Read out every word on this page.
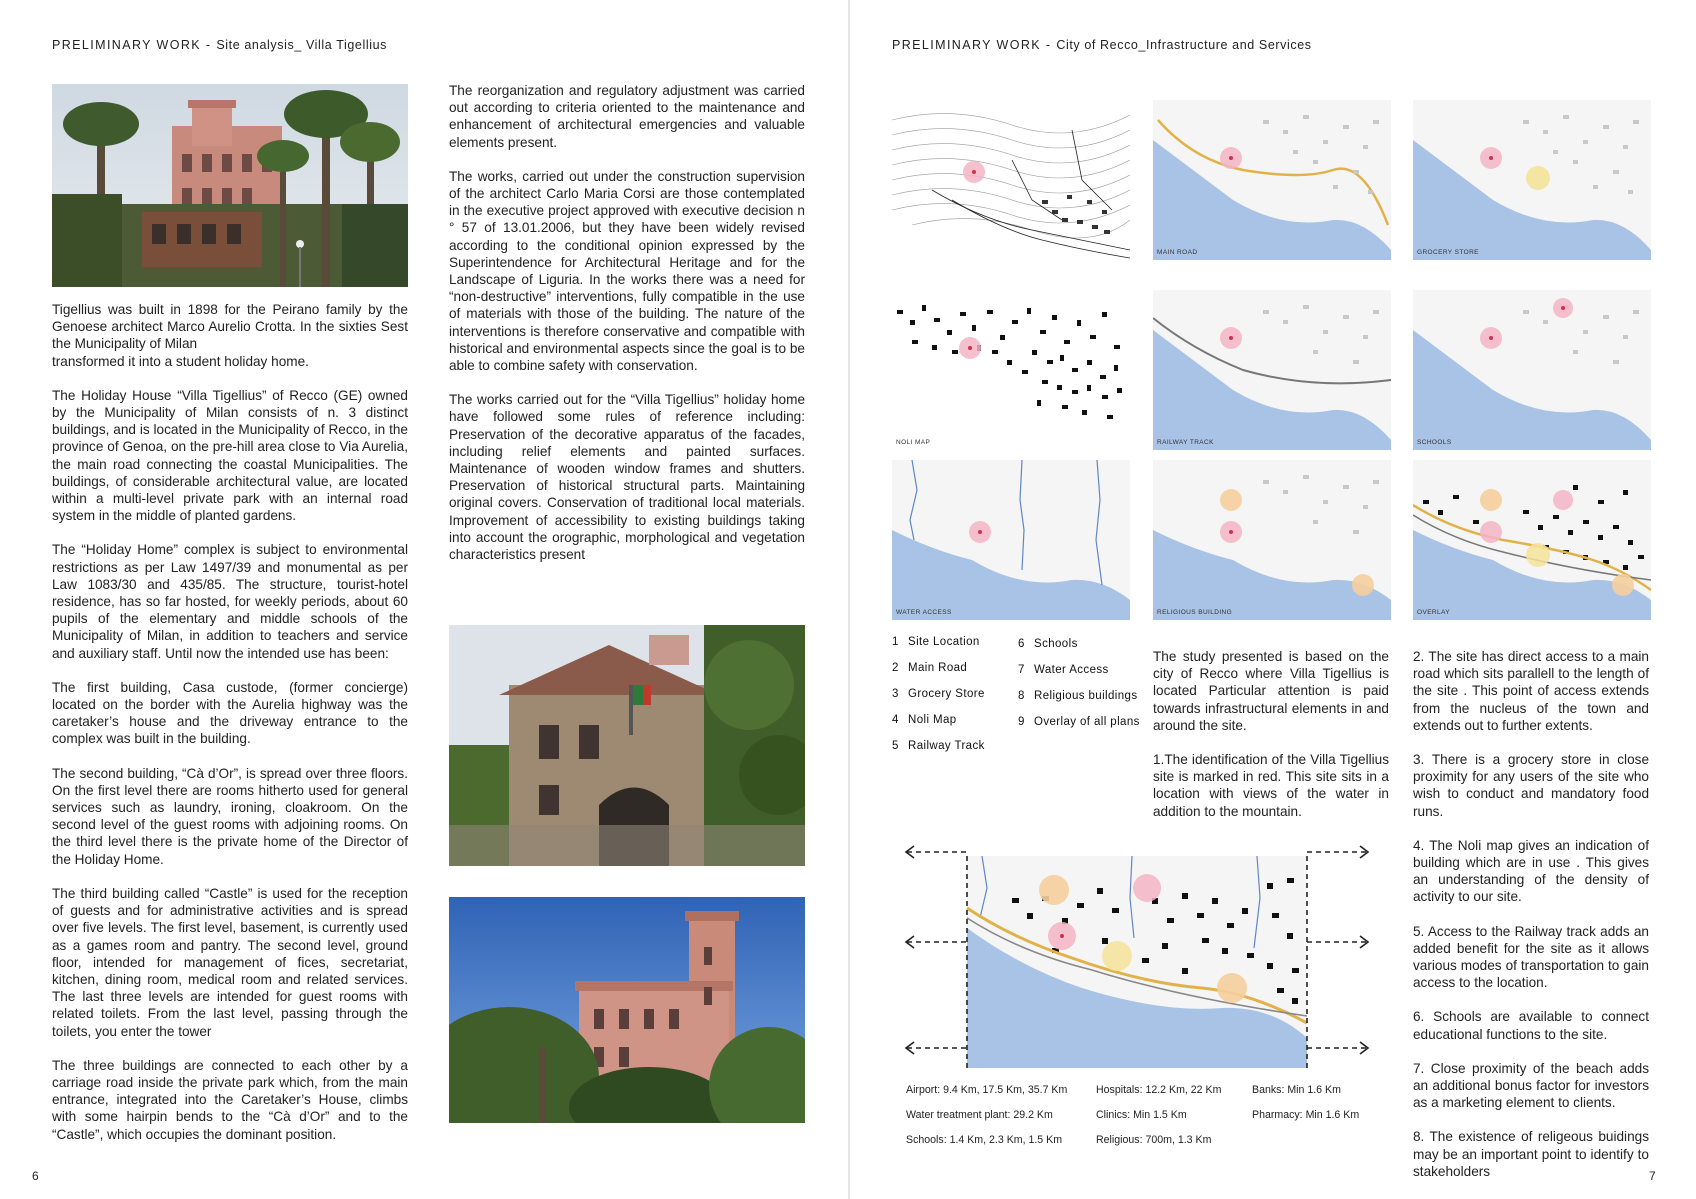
PRELIMINARY WORK - Site analysis_ Villa Tigellius

Tigellius was built in 1898 for the Peirano family by the Genoese architect Marco Aurelio Crotta. In the sixties Sest the Municipality of Milan

transformed it into a student holiday home.

The Holiday House “Villa Tigellius” of Recco (GE) owned by the Municipality of Milan consists of n. 3 distinct buildings, and is located in the Municipality of Recco, in the province of Genoa, on the pre-hill area close to Via Aurelia, the main road connecting the coastal Municipalities. The buildings, of considerable architectural value, are located within a multi-level private park with an internal road system in the middle of planted gardens.

The “Holiday Home” complex is subject to environmental restrictions as per Law 1497/39 and monumental as per Law 1083/30 and 435/85. The structure, tourist-hotel residence, has so far hosted, for weekly periods, about 60 pupils of the elementary and middle schools of the Municipality of Milan, in addition to teachers and service and auxiliary staff. Until now the intended use has been:

The first building, Casa custode, (former concierge) located on the border with the Aurelia highway was the caretaker’s house and the driveway entrance to the complex was built in the building.

The second building, “Cà d’Or”, is spread over three floors. On the first level there are rooms hitherto used for general services such as laundry, ironing, cloakroom. On the second level of the guest rooms with adjoining rooms. On the third level there is the private home of the Director of the Holiday Home.

The third building called “Castle” is used for the reception of guests and for administrative activities and is spread over five levels. The first level, basement, is currently used as a games room and pantry. The second level, ground floor, intended for management of fices, secretariat, kitchen, dining room, medical room and related services. The last three levels are intended for guest rooms with related toilets. From the last level, passing through the toilets, you enter the tower

The three buildings are connected to each other by a carriage road inside the private park which, from the main entrance, integrated into the Caretaker’s House, climbs with some hairpin bends to the “Cà d’Or” and to the “Castle”, which occupies the dominant position.

The reorganization and regulatory adjustment was carried out according to criteria oriented to the maintenance and enhancement of architectural emergencies and valuable elements present.

The works, carried out under the construction supervision of the architect Carlo Maria Corsi are those contemplated in the executive project approved with executive decision n ° 57 of 13.01.2006, but they have been widely revised according to the conditional opinion expressed by the Superintendence for Architectural Heritage and for the Landscape of Liguria. In the works there was a need for “non-destructive” interventions, fully compatible in the use of materials with those of the building. The nature of the interventions is therefore conservative and compatible with historical and environmental aspects since the goal is to be able to combine safety with conservation.

The works carried out for the “Villa Tigellius” holiday home have followed some rules of reference including: Preservation of the decorative apparatus of the facades, including relief elements and painted surfaces. Maintenance of wooden window frames and shutters. Preservation of historical structural parts. Maintaining original covers. Conservation of traditional local materials. Improvement of accessibility to existing buildings taking into account the orographic, morphological and vegetation characteristics present

6
PRELIMINARY WORK - City of Recco_Infrastructure and Services
MAIN ROAD	GROCERY STORE
NOLI MAP	RAILWAY TRACK	SCHOOLS
WATER ACCESS	RELIGIOUS BUILDING	OVERLAY
1 Site Location
2 Main Road
3 Grocery Store
4 Noli Map
5 Railway Track
6 Schools
7 Water Access
8 Religious buildings
9 Overlay of all plans

The study presented is based on the city of Recco where Villa Tigellius is located Particular attention is paid towards infrastructural elements in and around the site.

1.The identification of the Villa Tigellius site is marked in red. This site sits in a location with views of the water in addition to the mountain.

2. The site has direct access to a main road which sits parallell to the length of the site . This point of access extends from the nucleus of the town and extends out to further extents.

3. There is a grocery store in close proximity for any users of the site who wish to conduct and mandatory food runs.

4. The Noli map gives an indication of building which are in use . This gives an understanding of the density of activity to our site.

5. Access to the Railway track adds an added benefit for the site as it allows various modes of transportation to gain access to the location.

6. Schools are available to connect educational functions to the site.

7. Close proximity of the beach adds an additional bonus factor for investors as a marketing element to clients.

8. The existence of religeous buidings may be an important point to identify to stakeholders

Airport: 9.4 Km, 17.5 Km, 35.7 Km
Water treatment plant: 29.2 Km
Schools: 1.4 Km, 2.3 Km, 1.5 Km
Hospitals: 12.2 Km, 22 Km
Clinics: Min 1.5 Km
Religious: 700m, 1.3 Km
Banks: Min 1.6 Km
Pharmacy: Min 1.6 Km
7
